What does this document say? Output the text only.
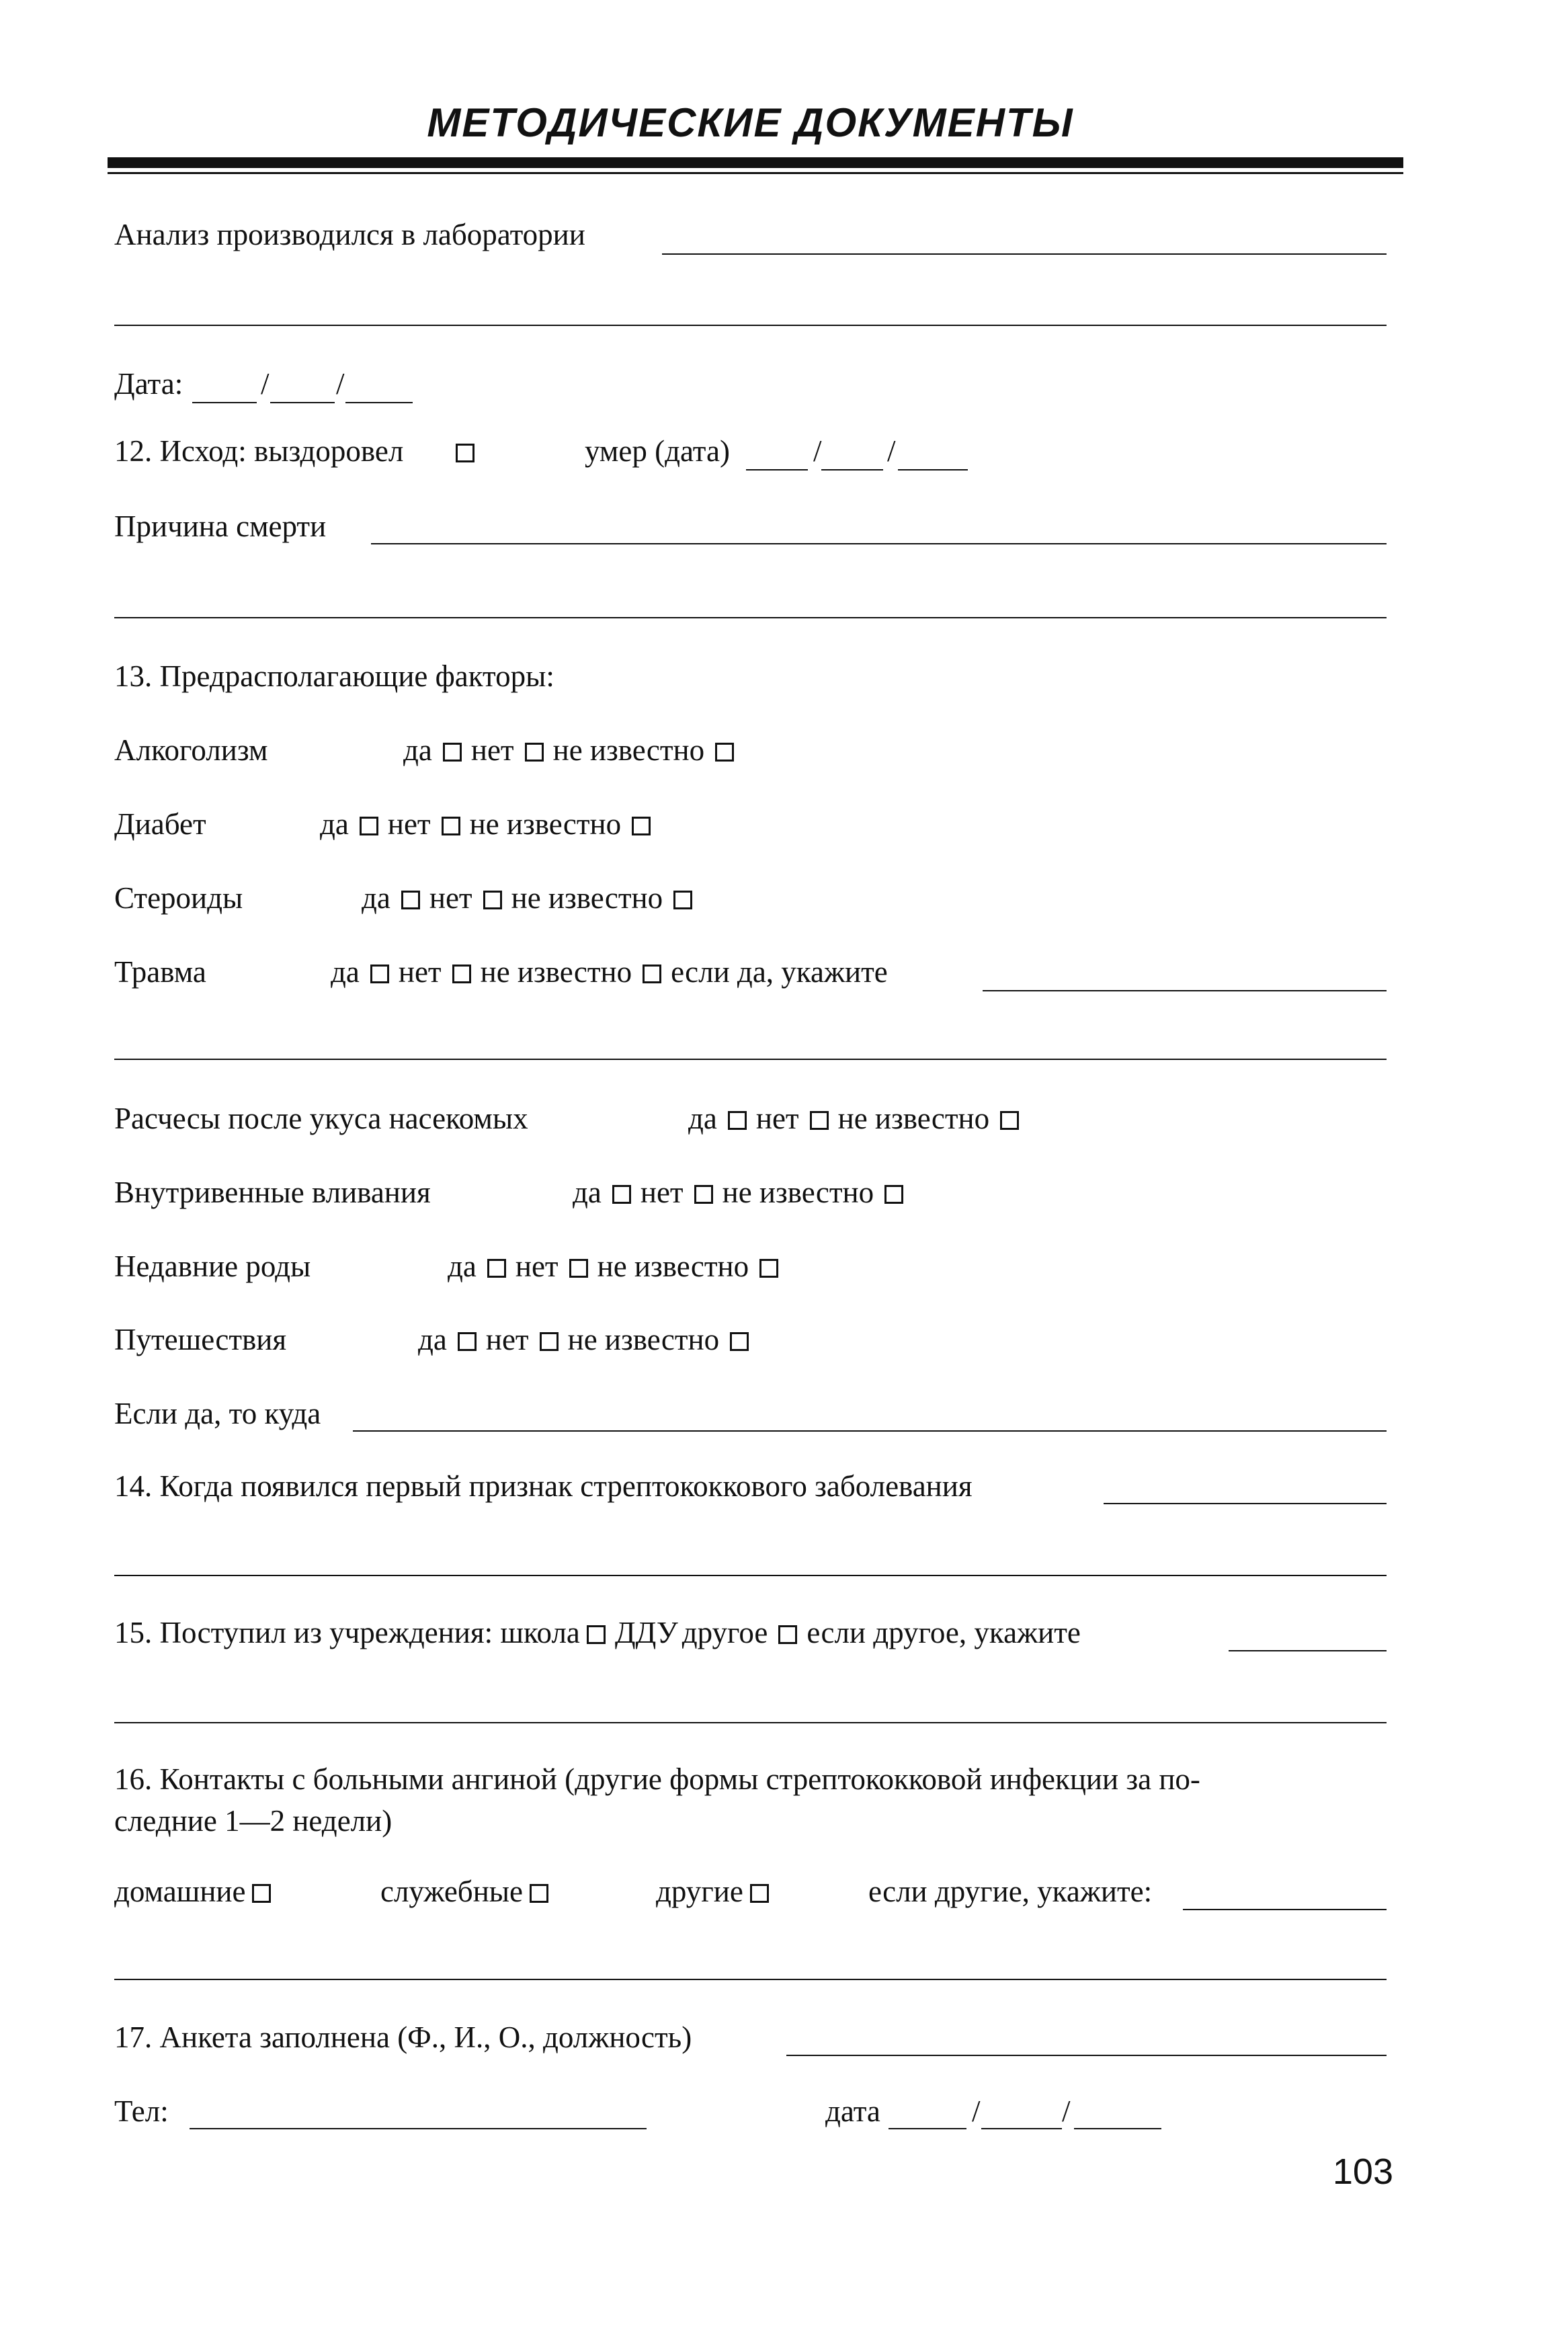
МЕТОДИЧЕСКИЕ ДОКУМЕНТЫ
Анализ производился в лаборатории
Дата:	/ /
12. Исход: выздоровел	умер (дата)	/ /
Причина смерти
13. Предрасполагающие факторы:
Алкоголизм	да нет не известно
Диабет	да нет не известно
Стероиды	да нет не известно
Травма	да нет не известно если да, укажите
Расчесы после укуса насекомых	да нет не известно
Внутривенные вливания	да нет не известно
Недавние роды	да нет не известно
Путешествия	да нет не известно
Если да, то куда
14. Когда появился первый признак стрептококкового заболевания
15. Поступил из учреждения: школа ДДУ другое если другое, укажите
16. Контакты с больными ангиной (другие формы стрептококковой инфекции за по-
следние 1—2 недели)
домашние	служебные	другие	если другие, укажите:
17. Анкета заполнена (Ф., И., О., должность)
Тел:	дата	/	/
103
